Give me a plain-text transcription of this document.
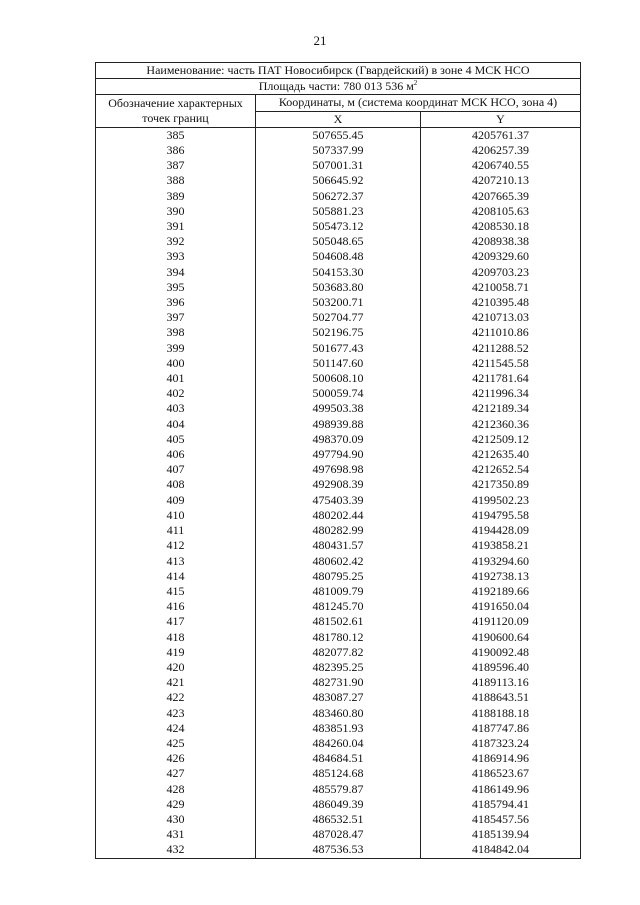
21
Наименование: часть ПАТ Новосибирск (Гвардейский) в зоне 4 МСК НСО		
Площадь части: 780 013 536 $м^2$
Обозначение характерных	Координаты, м (система координат МСК НСО, зона 4)	
точек границ	X	Y
385	507655.45	4205761.37
386	507337.99	4206257.39
387	507001.31	4206740.55
388	506645.92	4207210.13
389	506272.37	4207665.39
390	505881.23	4208105.63
391	505473.12	4208530.18
392	505048.65	4208938.38
393	504608.48	4209329.60
394	504153.30	4209703.23
395	503683.80	4210058.71
396	503200.71	4210395.48
397	502704.77	4210713.03
398	502196.75	4211010.86
399	501677.43	4211288.52
400	501147.60	4211545.58
401	500608.10	4211781.64
402	500059.74	4211996.34
403	499503.38	4212189.34
404	498939.88	4212360.36
405	498370.09	4212509.12
406	497794.90	4212635.40
407	497698.98	4212652.54
408	492908.39	4217350.89
409	475403.39	4199502.23
410	480202.44	4194795.58
411	480282.99	4194428.09
412	480431.57	4193858.21
413	480602.42	4193294.60
414	480795.25	4192738.13
415	481009.79	4192189.66
416	481245.70	4191650.04
417	481502.61	4191120.09
418	481780.12	4190600.64
419	482077.82	4190092.48
420	482395.25	4189596.40
421	482731.90	4189113.16
422	483087.27	4188643.51
423	483460.80	4188188.18
424	483851.93	4187747.86
425	484260.04	4187323.24
426	484684.51	4186914.96
427	485124.68	4186523.67
428	485579.87	4186149.96
429	486049.39	4185794.41
430	486532.51	4185457.56
431	487028.47	4185139.94
432	487536.53	4184842.04
